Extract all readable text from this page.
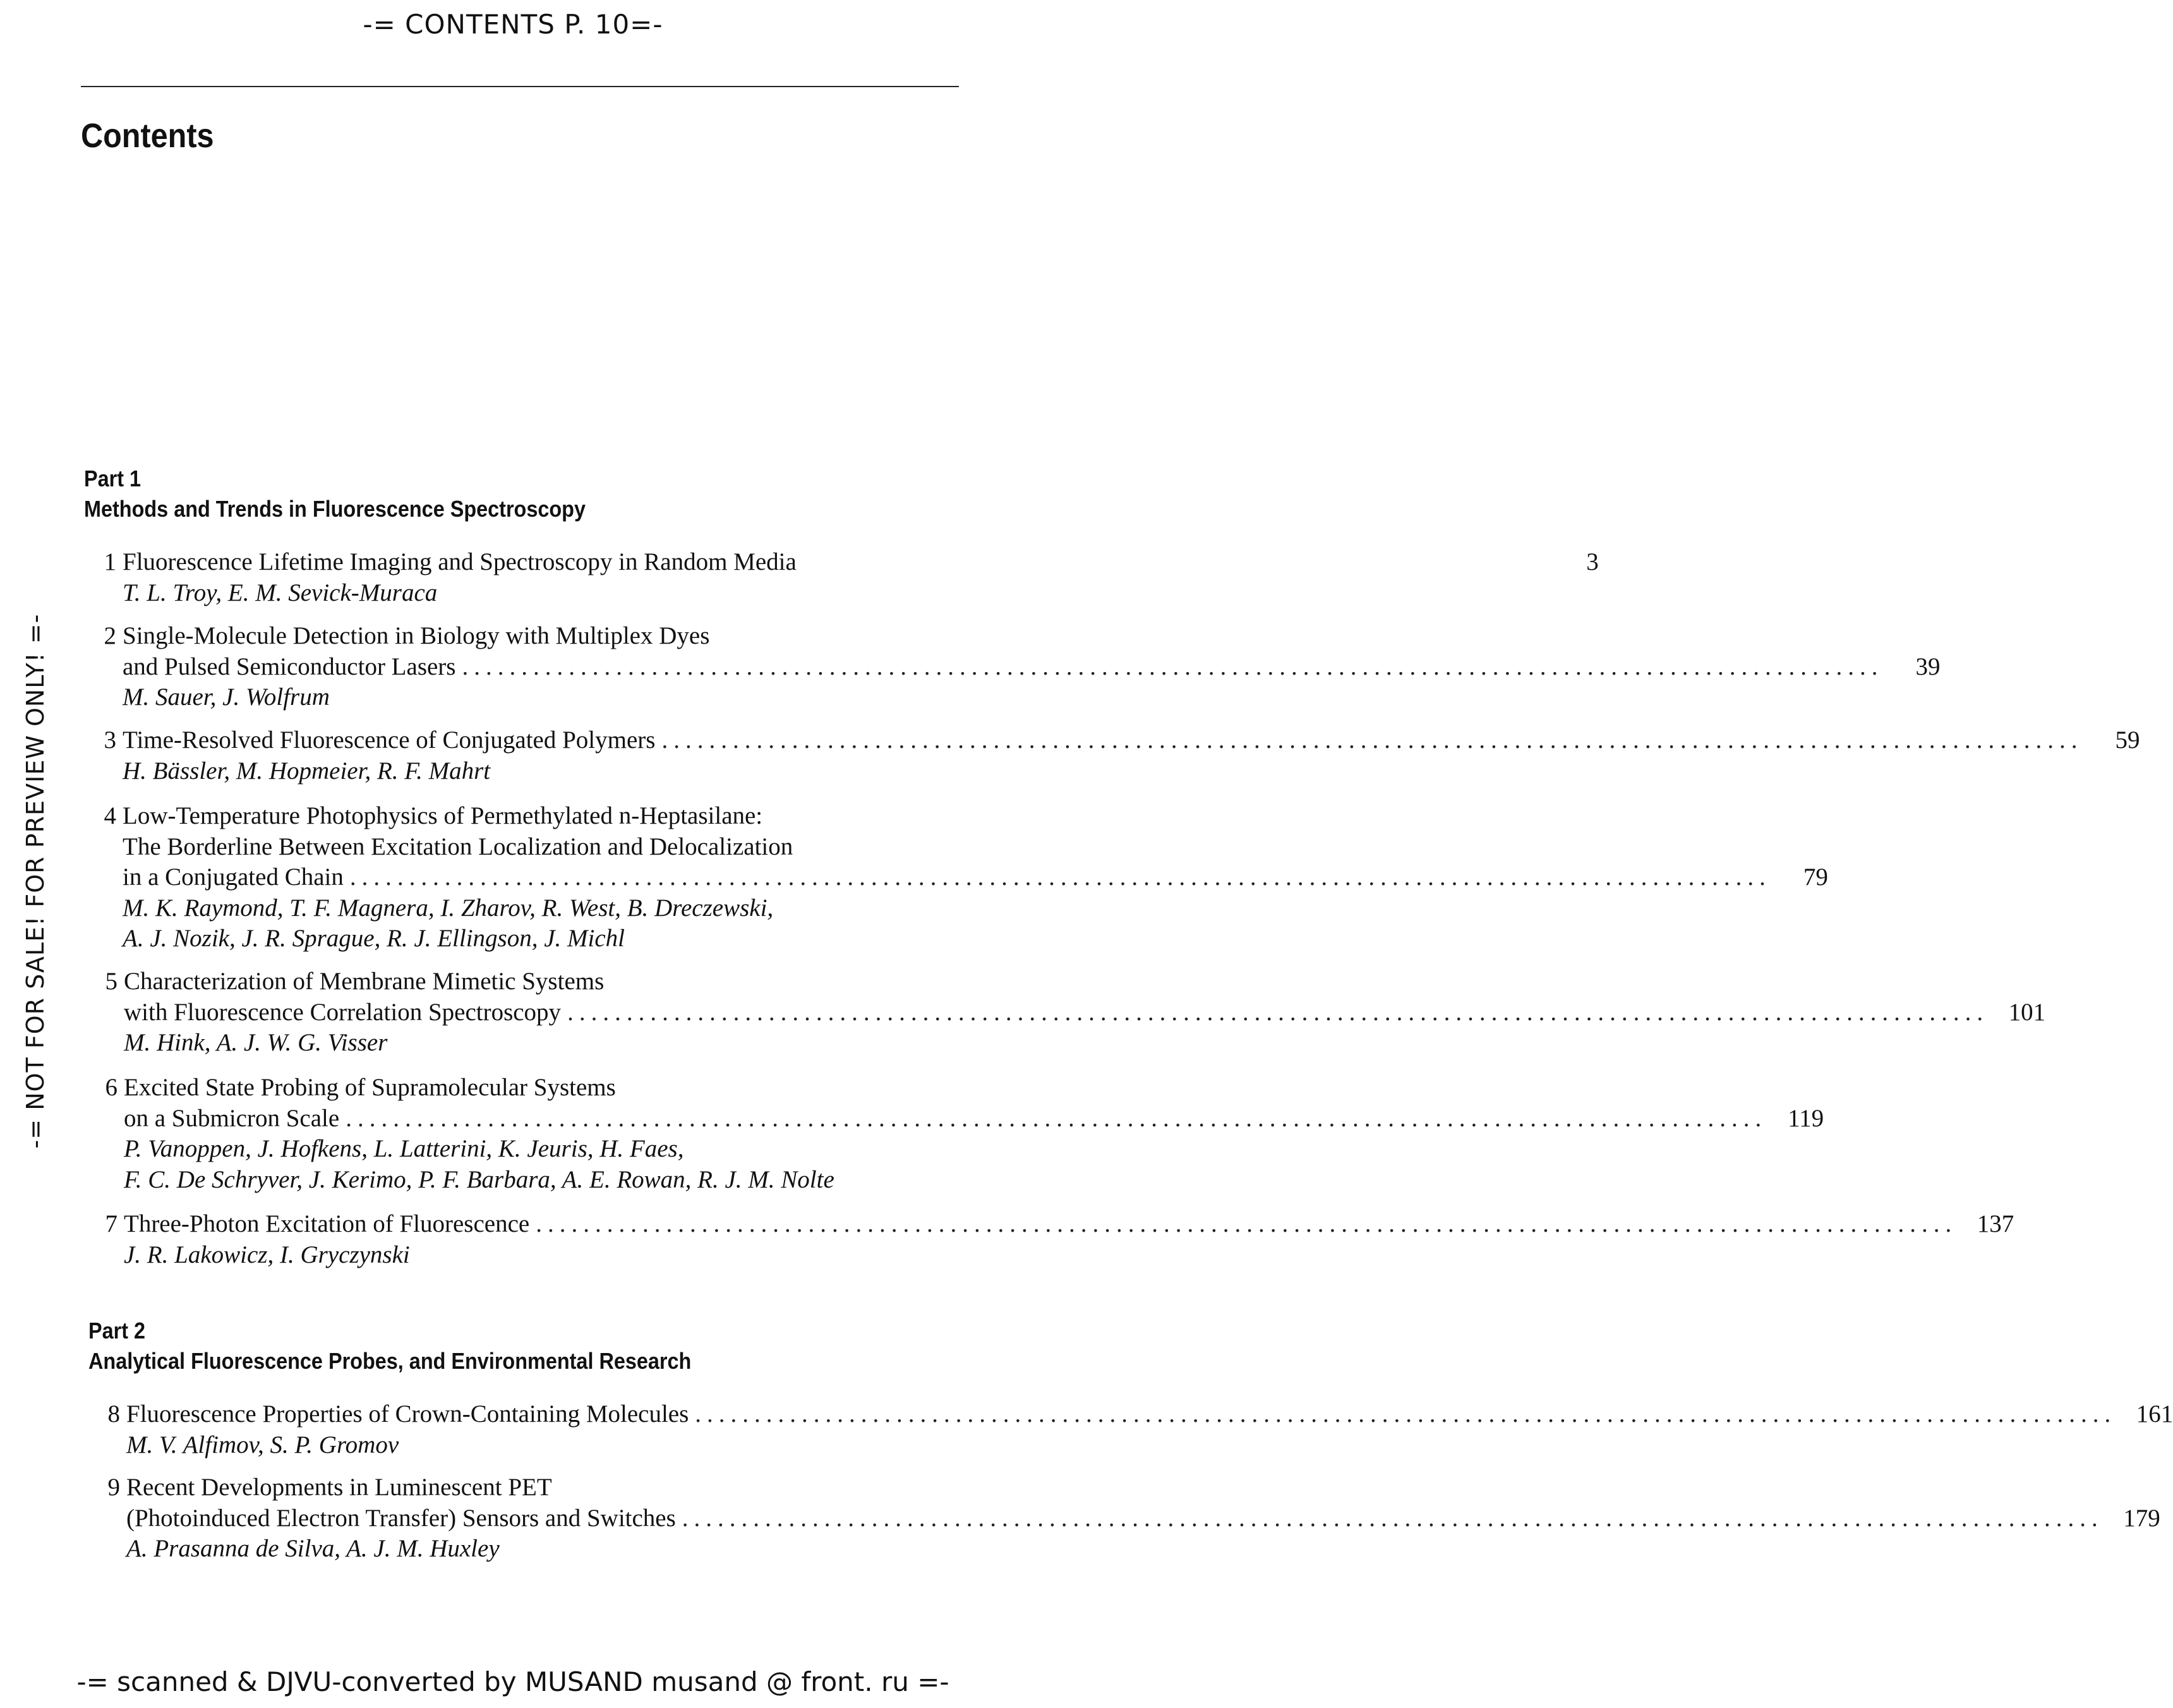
-= CONTENTS P. 10=-
Contents
-= NOT FOR SALE! FOR PREVIEW ONLY! =-
Part 1
Methods and Trends in Fluorescence Spectroscopy
Part 2
Analytical Fluorescence Probes, and Environmental Research
1 Fluorescence Lifetime Imaging and Spectroscopy in Random Media	3
T. L. Troy, E. M. Sevick-Muraca
2 Single-Molecule Detection in Biology with Multiplex Dyes
and Pulsed Semiconductor Lasers ........................................................................................................................	39
M. Sauer, J. Wolfrum
3 Time-Resolved Fluorescence of Conjugated Polymers ........................................................................................................................	59
H. Bässler, M. Hopmeier, R. F. Mahrt
4 Low-Temperature Photophysics of Permethylated n-Heptasilane:
The Borderline Between Excitation Localization and Delocalization
in a Conjugated Chain ........................................................................................................................	79
M. K. Raymond, T. F. Magnera, I. Zharov, R. West, B. Dreczewski,
A. J. Nozik, J. R. Sprague, R. J. Ellingson, J. Michl
5 Characterization of Membrane Mimetic Systems
with Fluorescence Correlation Spectroscopy ........................................................................................................................ 101
M. Hink, A. J. W. G. Visser
6 Excited State Probing of Supramolecular Systems
on a Submicron Scale ........................................................................................................................ 119
P. Vanoppen, J. Hofkens, L. Latterini, K. Jeuris, H. Faes,
F. C. De Schryver, J. Kerimo, P. F. Barbara, A. E. Rowan, R. J. M. Nolte
7 Three-Photon Excitation of Fluorescence ........................................................................................................................ 137
J. R. Lakowicz, I. Gryczynski
8 Fluorescence Properties of Crown-Containing Molecules ........................................................................................................................ 161
M. V. Alfimov, S. P. Gromov
9 Recent Developments in Luminescent PET
(Photoinduced Electron Transfer) Sensors and Switches ........................................................................................................................ 179
A. Prasanna de Silva, A. J. M. Huxley
-= scanned & DJVU-converted by MUSAND musand @ front. ru =-
